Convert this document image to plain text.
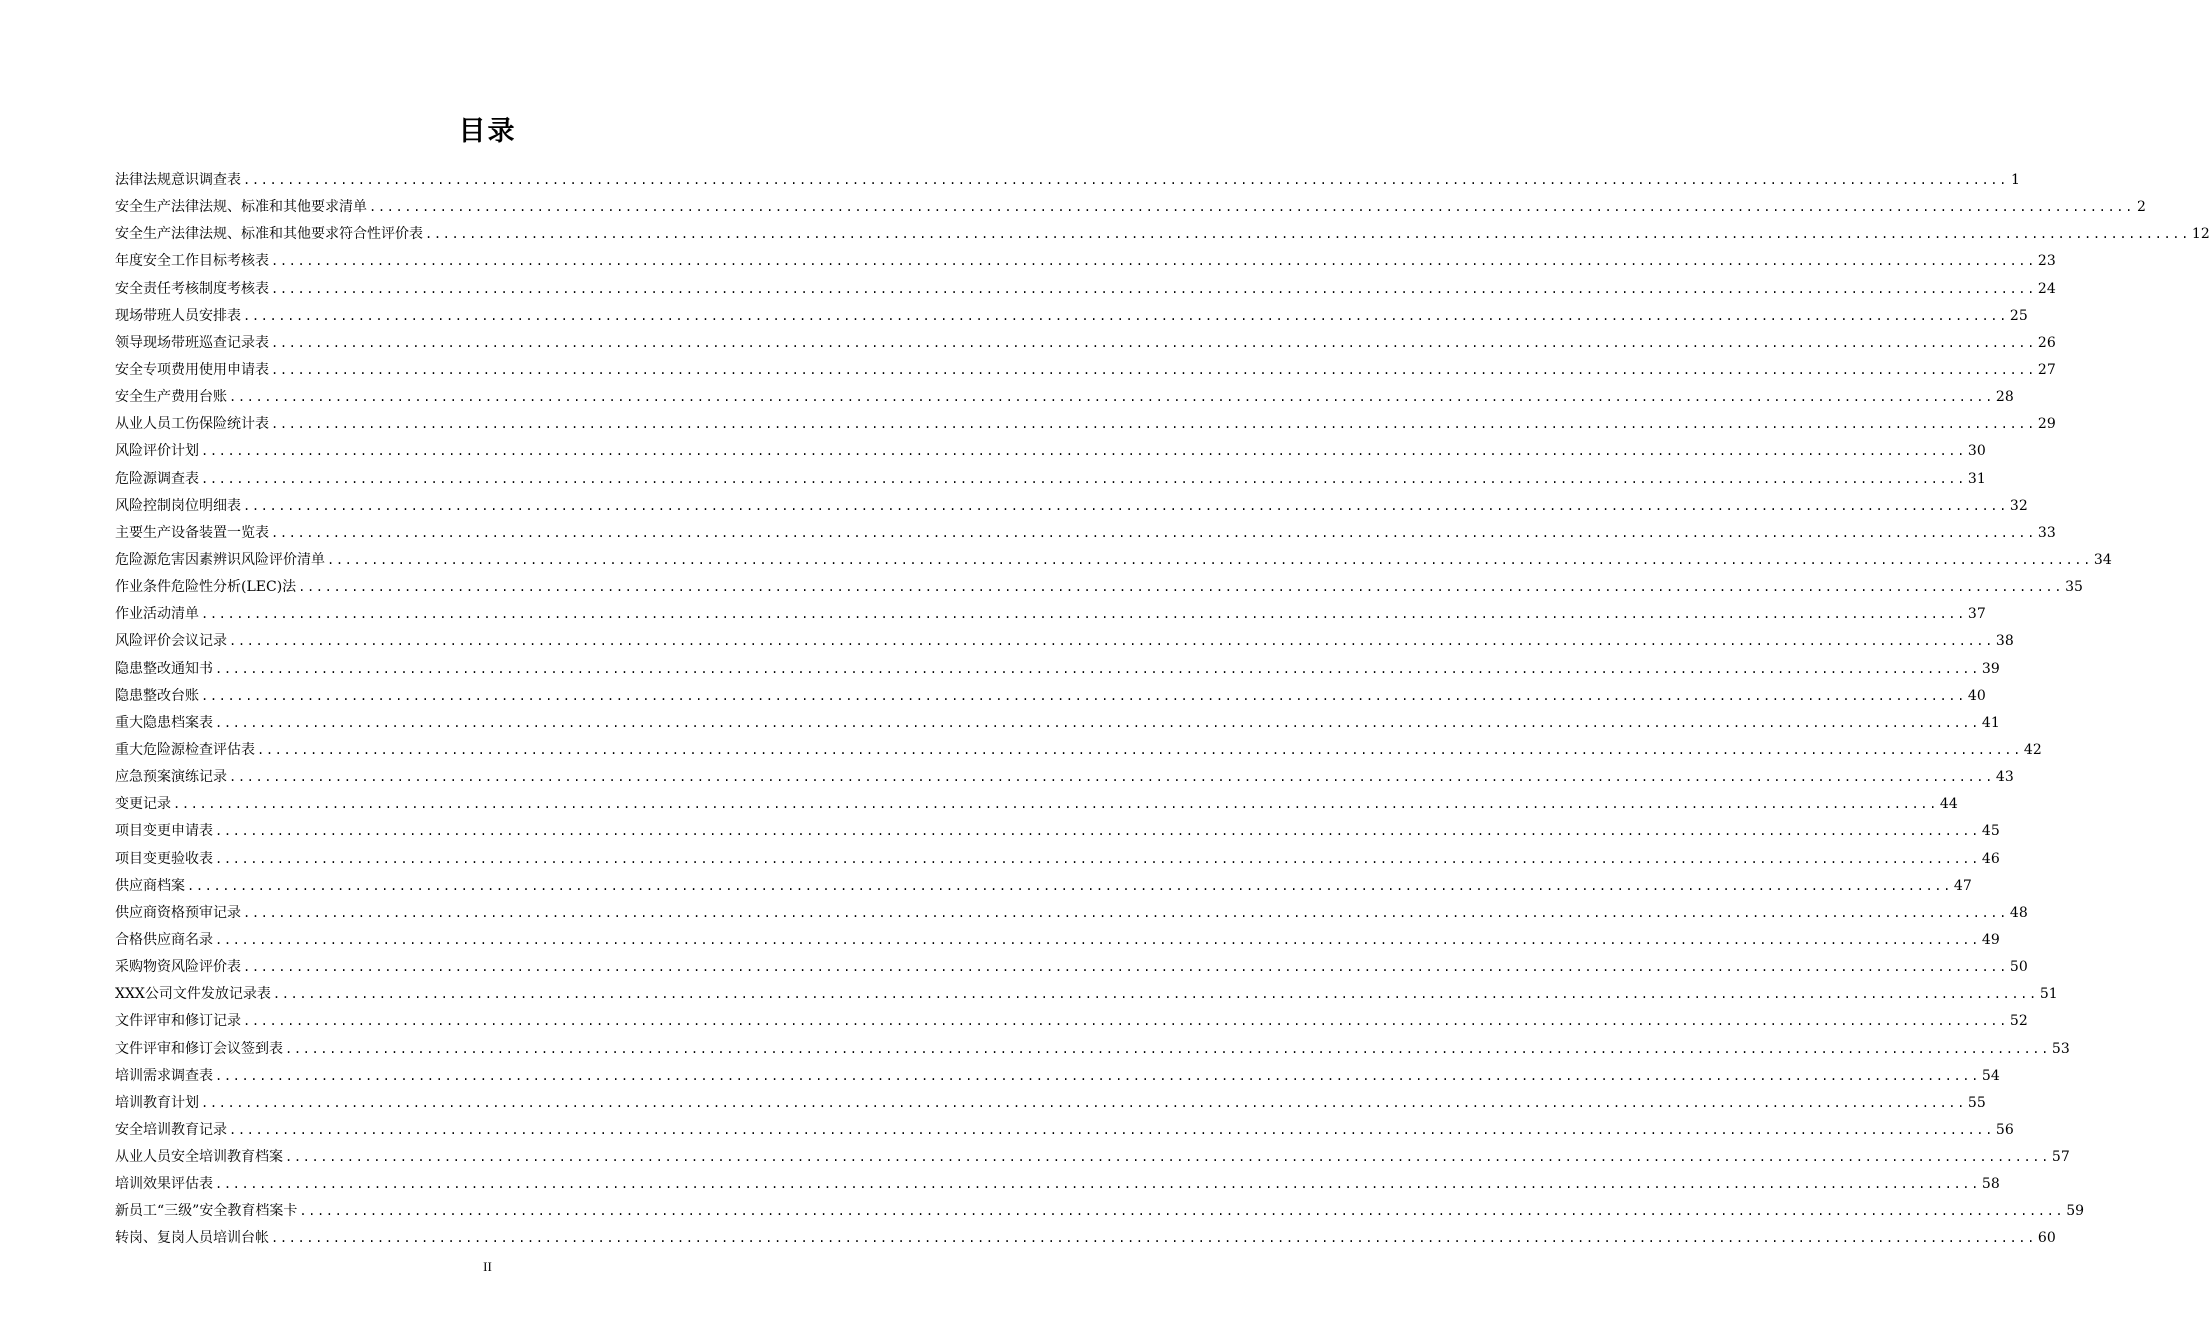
目录
法律法规意识调查表 ........................................................................................................................................................................................................ 1
安全生产法律法规、标准和其他要求清单 ........................................................................................................................................................................................................ 2
安全生产法律法规、标准和其他要求符合性评价表 ........................................................................................................................................................................................................ 12
年度安全工作目标考核表 ........................................................................................................................................................................................................ 23
安全责任考核制度考核表 ........................................................................................................................................................................................................ 24
现场带班人员安排表 ........................................................................................................................................................................................................ 25
领导现场带班巡查记录表 ........................................................................................................................................................................................................ 26
安全专项费用使用申请表 ........................................................................................................................................................................................................ 27
安全生产费用台账 ........................................................................................................................................................................................................ 28
从业人员工伤保险统计表 ........................................................................................................................................................................................................ 29
风险评价计划 ........................................................................................................................................................................................................ 30
危险源调查表 ........................................................................................................................................................................................................ 31
风险控制岗位明细表 ........................................................................................................................................................................................................ 32
主要生产设备装置一览表 ........................................................................................................................................................................................................ 33
危险源危害因素辨识风险评价清单 ........................................................................................................................................................................................................ 34
作业条件危险性分析(LEC)法 ........................................................................................................................................................................................................ 35
作业活动清单 ........................................................................................................................................................................................................ 37
风险评价会议记录 ........................................................................................................................................................................................................ 38
隐患整改通知书 ........................................................................................................................................................................................................ 39
隐患整改台账 ........................................................................................................................................................................................................ 40
重大隐患档案表 ........................................................................................................................................................................................................ 41
重大危险源检查评估表 ........................................................................................................................................................................................................ 42
应急预案演练记录 ........................................................................................................................................................................................................ 43
变更记录 ........................................................................................................................................................................................................ 44
项目变更申请表 ........................................................................................................................................................................................................ 45
项目变更验收表 ........................................................................................................................................................................................................ 46
供应商档案 ........................................................................................................................................................................................................ 47
供应商资格预审记录 ........................................................................................................................................................................................................ 48
合格供应商名录 ........................................................................................................................................................................................................ 49
采购物资风险评价表 ........................................................................................................................................................................................................ 50
XXX公司文件发放记录表 ........................................................................................................................................................................................................ 51
文件评审和修订记录 ........................................................................................................................................................................................................ 52
文件评审和修订会议签到表 ........................................................................................................................................................................................................ 53
培训需求调查表 ........................................................................................................................................................................................................ 54
培训教育计划 ........................................................................................................................................................................................................ 55
安全培训教育记录 ........................................................................................................................................................................................................ 56
从业人员安全培训教育档案 ........................................................................................................................................................................................................ 57
培训效果评估表 ........................................................................................................................................................................................................ 58
新员工“三级”安全教育档案卡 ........................................................................................................................................................................................................ 59
转岗、复岗人员培训台帐 ........................................................................................................................................................................................................ 60
II
